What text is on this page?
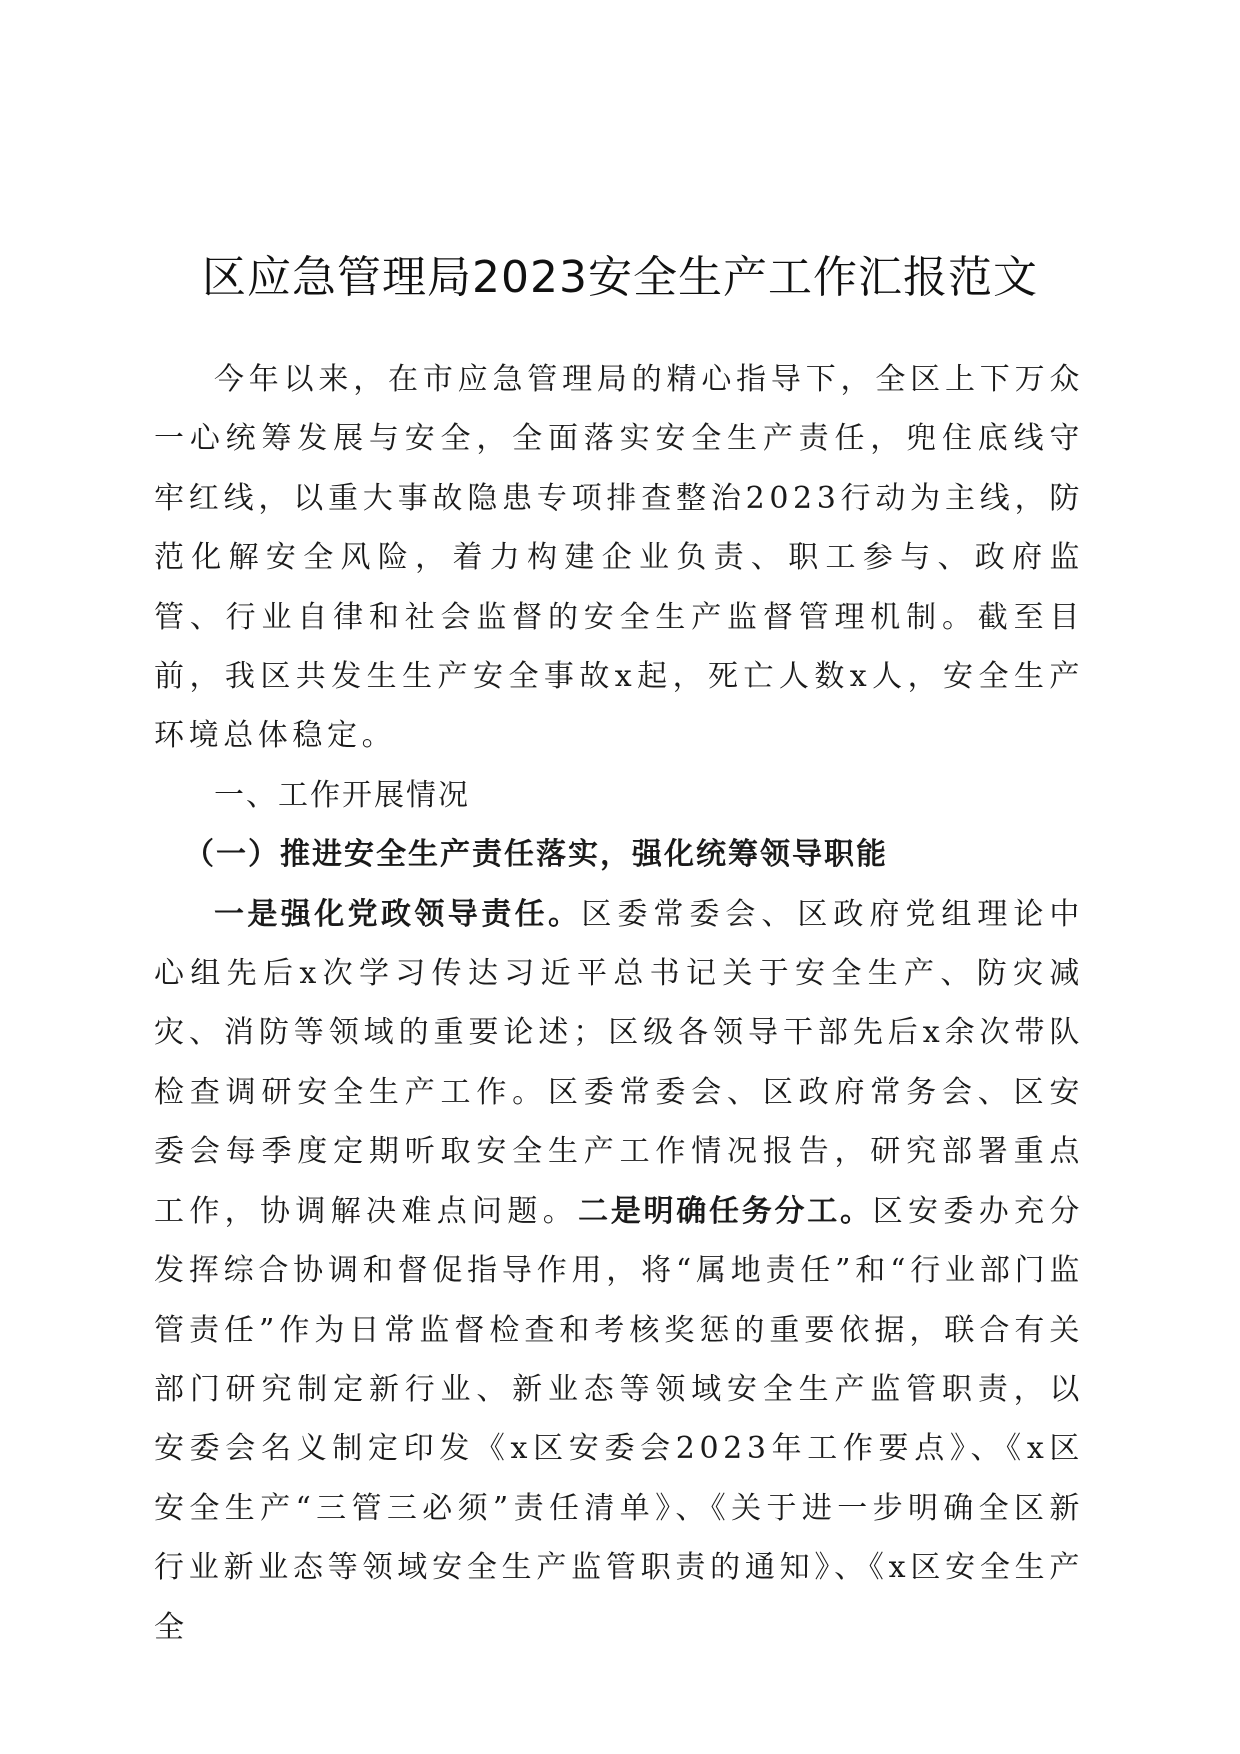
区应急管理局2023安全生产工作汇报范文

今年以来，在市应急管理局的精心指导下，全区上下万众一心统筹发展与安全，全面落实安全生产责任，兜住底线守牢红线，以重大事故隐患专项排查整治2023行动为主线，防范化解安全风险，着力构建企业负责、职工参与、政府监管、行业自律和社会监督的安全生产监督管理机制。截至目前，我区共发生生产安全事故x起，死亡人数x人，安全生产环境总体稳定。

一、工作开展情况

（一）推进安全生产责任落实，强化统筹领导职能

一是强化党政领导责任。区委常委会、区政府党组理论中心组先后x次学习传达习近平总书记关于安全生产、防灾减灾、消防等领域的重要论述；区级各领导干部先后x余次带队检查调研安全生产工作。区委常委会、区政府常务会、区安委会每季度定期听取安全生产工作情况报告，研究部署重点工作，协调解决难点问题。二是明确任务分工。区安委办充分发挥综合协调和督促指导作用，将“属地责任”和“行业部门监管责任”作为日常监督检查和考核奖惩的重要依据，联合有关部门研究制定新行业、新业态等领域安全生产监管职责，以安委会名义制定印发《x区安委会2023年工作要点》、《x区安全生产“三管三必须”责任清单》、《关于进一步明确全区新行业新业态等领域安全生产监管职责的通知》、《x区安全生产全
